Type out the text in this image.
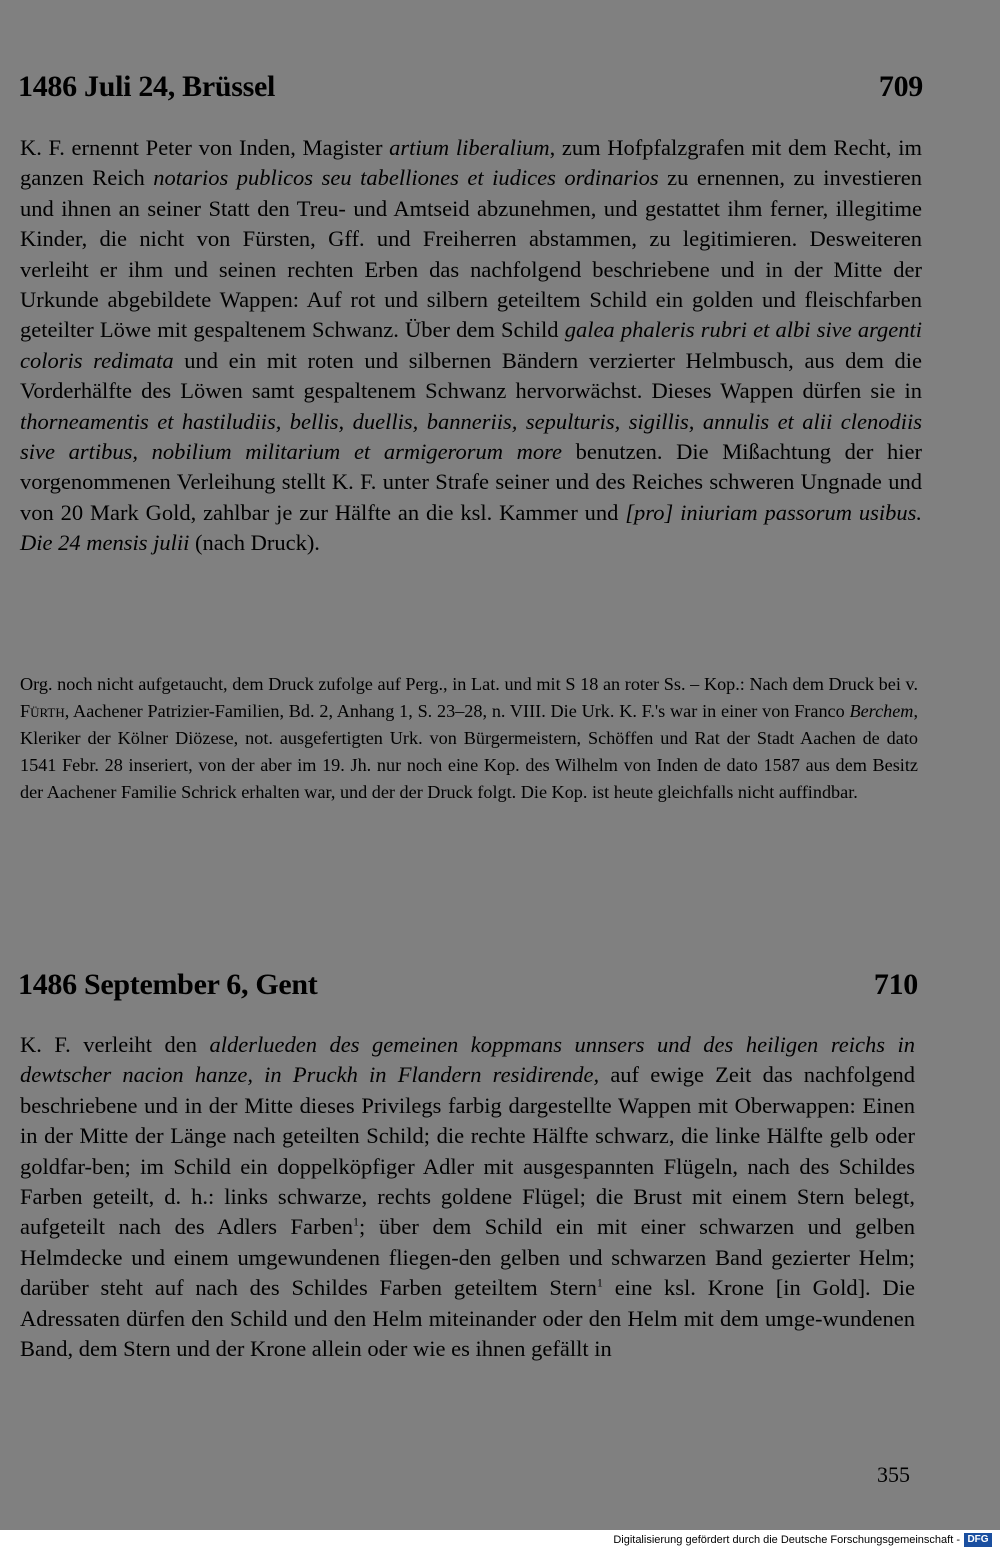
1486 Juli 24, Brüssel	709

K. F. ernennt Peter von Inden, Magister artium liberalium, zum Hofpfalzgrafen mit dem Recht, im ganzen Reich notarios publicos seu tabelliones et iudices ordinarios zu ernennen, zu investieren und ihnen an seiner Statt den Treu- und Amtseid abzunehmen, und gestattet ihm ferner, illegitime Kinder, die nicht von Fürsten, Gff. und Freiherren abstammen, zu legitimieren. Desweiteren verleiht er ihm und seinen rechten Erben das nachfolgend beschriebene und in der Mitte der Urkunde abgebildete Wappen: Auf rot und silbern geteiltem Schild ein golden und fleischfarben geteilter Löwe mit gespaltenem Schwanz. Über dem Schild galea phaleris rubri et albi sive argenti coloris redimata und ein mit roten und silbernen Bändern verzierter Helmbusch, aus dem die Vorderhälfte des Löwen samt gespaltenem Schwanz hervorwächst. Dieses Wappen dürfen sie in thorneamentis et hastiludiis, bellis, duellis, banneriis, sepulturis, sigillis, annulis et alii clenodiis sive artibus, nobilium militarium et armigerorum more benutzen. Die Mißachtung der hier vorgenommenen Verleihung stellt K. F. unter Strafe seiner und des Reiches schweren Ungnade und von 20 Mark Gold, zahlbar je zur Hälfte an die ksl. Kammer und [pro] iniuriam passorum usibus. Die 24 mensis julii (nach Druck).

Org. noch nicht aufgetaucht, dem Druck zufolge auf Perg., in Lat. und mit S 18 an roter Ss. – Kop.: Nach dem Druck bei v. Fürth, Aachener Patrizier-Familien, Bd. 2, Anhang 1, S. 23–28, n. VIII. Die Urk. K. F.'s war in einer von Franco Berchem, Kleriker der Kölner Diözese, not. ausgefertigten Urk. von Bürgermeistern, Schöffen und Rat der Stadt Aachen de dato 1541 Febr. 28 inseriert, von der aber im 19. Jh. nur noch eine Kop. des Wilhelm von Inden de dato 1587 aus dem Besitz der Aachener Familie Schrick erhalten war, und der der Druck folgt. Die Kop. ist heute gleichfalls nicht auffindbar.

1486 September 6, Gent	710

K. F. verleiht den alderlueden des gemeinen koppmans unnsers und des heiligen reichs in dewtscher nacion hanze, in Pruckh in Flandern residirende, auf ewige Zeit das nachfolgend beschriebene und in der Mitte dieses Privilegs farbig dargestellte Wappen mit Oberwappen: Einen in der Mitte der Länge nach geteilten Schild; die rechte Hälfte schwarz, die linke Hälfte gelb oder goldfar-ben; im Schild ein doppelköpfiger Adler mit ausgespannten Flügeln, nach des Schildes Farben geteilt, d. h.: links schwarze, rechts goldene Flügel; die Brust mit einem Stern belegt, aufgeteilt nach des Adlers Farben$^1$; über dem Schild ein mit einer schwarzen und gelben Helmdecke und einem umgewundenen fliegen-den gelben und schwarzen Band gezierter Helm; darüber steht auf nach des Schildes Farben geteiltem Stern$^1$ eine ksl. Krone [in Gold]. Die Adressaten dürfen den Schild und den Helm miteinander oder den Helm mit dem umge-wundenen Band, dem Stern und der Krone allein oder wie es ihnen gefällt in

355
Digitalisierung gefördert durch die Deutsche Forschungsgemeinschaft - DFG
